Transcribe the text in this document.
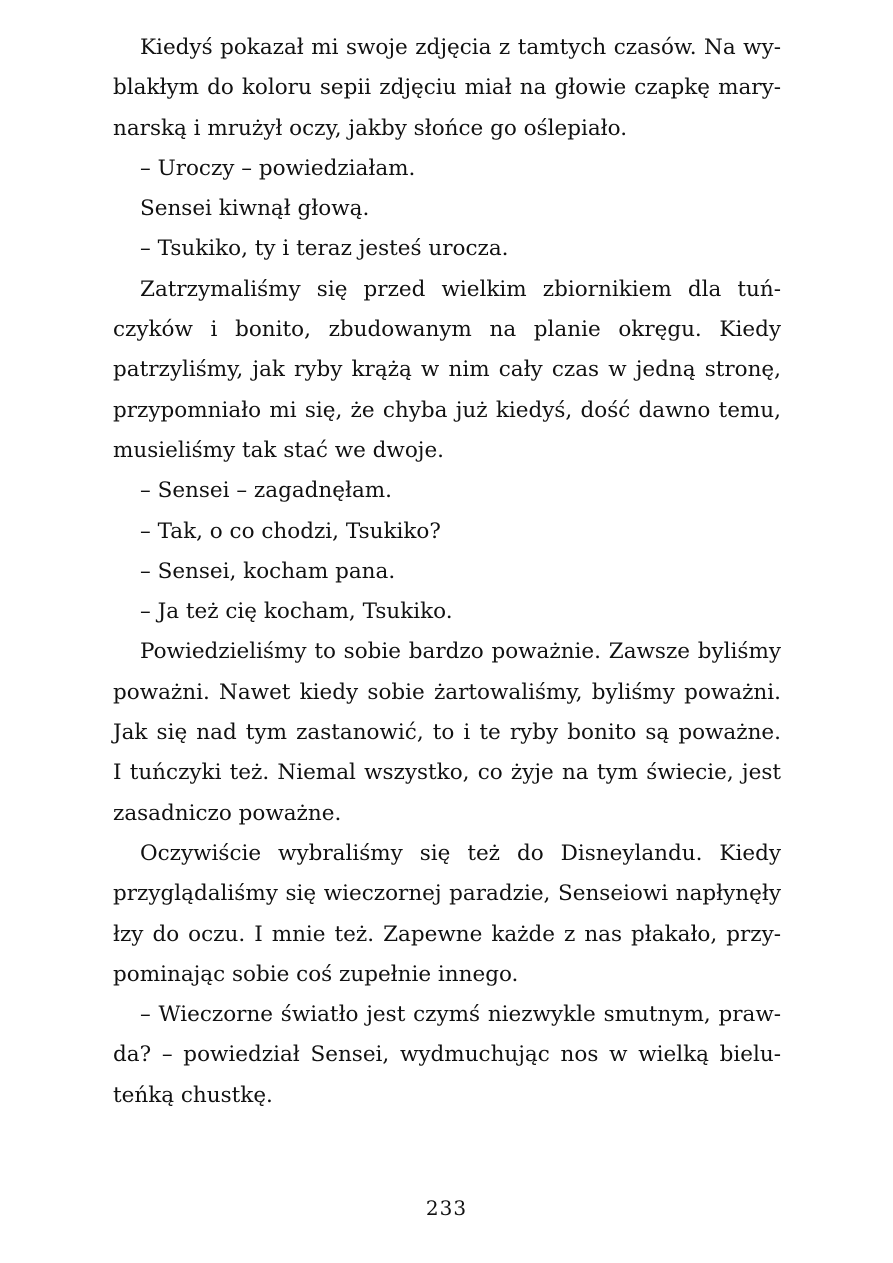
Kiedyś pokazał mi swoje zdjęcia z tamtych czasów. Na wy-
blakłym do koloru sepii zdjęciu miał na głowie czapkę mary-
narską i mrużył oczy, jakby słońce go oślepiało.
– Uroczy – powiedziałam.
Sensei kiwnął głową.
– Tsukiko, ty i teraz jesteś urocza.
Zatrzymaliśmy się przed wielkim zbiornikiem dla tuń-
czyków i bonito, zbudowanym na planie okręgu. Kiedy
patrzyliśmy, jak ryby krążą w nim cały czas w jedną stronę,
przypomniało mi się, że chyba już kiedyś, dość dawno temu,
musieliśmy tak stać we dwoje.
– Sensei – zagadnęłam.
– Tak, o co chodzi, Tsukiko?
– Sensei, kocham pana.
– Ja też cię kocham, Tsukiko.
Powiedzieliśmy to sobie bardzo poważnie. Zawsze byliśmy
poważni. Nawet kiedy sobie żartowaliśmy, byliśmy poważni.
Jak się nad tym zastanowić, to i te ryby bonito są poważne.
I tuńczyki też. Niemal wszystko, co żyje na tym świecie, jest
zasadniczo poważne.
Oczywiście wybraliśmy się też do Disneylandu. Kiedy
przyglądaliśmy się wieczornej paradzie, Senseiowi napłynęły
łzy do oczu. I mnie też. Zapewne każde z nas płakało, przy-
pominając sobie coś zupełnie innego.
– Wieczorne światło jest czymś niezwykle smutnym, praw-
da? – powiedział Sensei, wydmuchując nos w wielką bielu-
teńką chustkę.
233
